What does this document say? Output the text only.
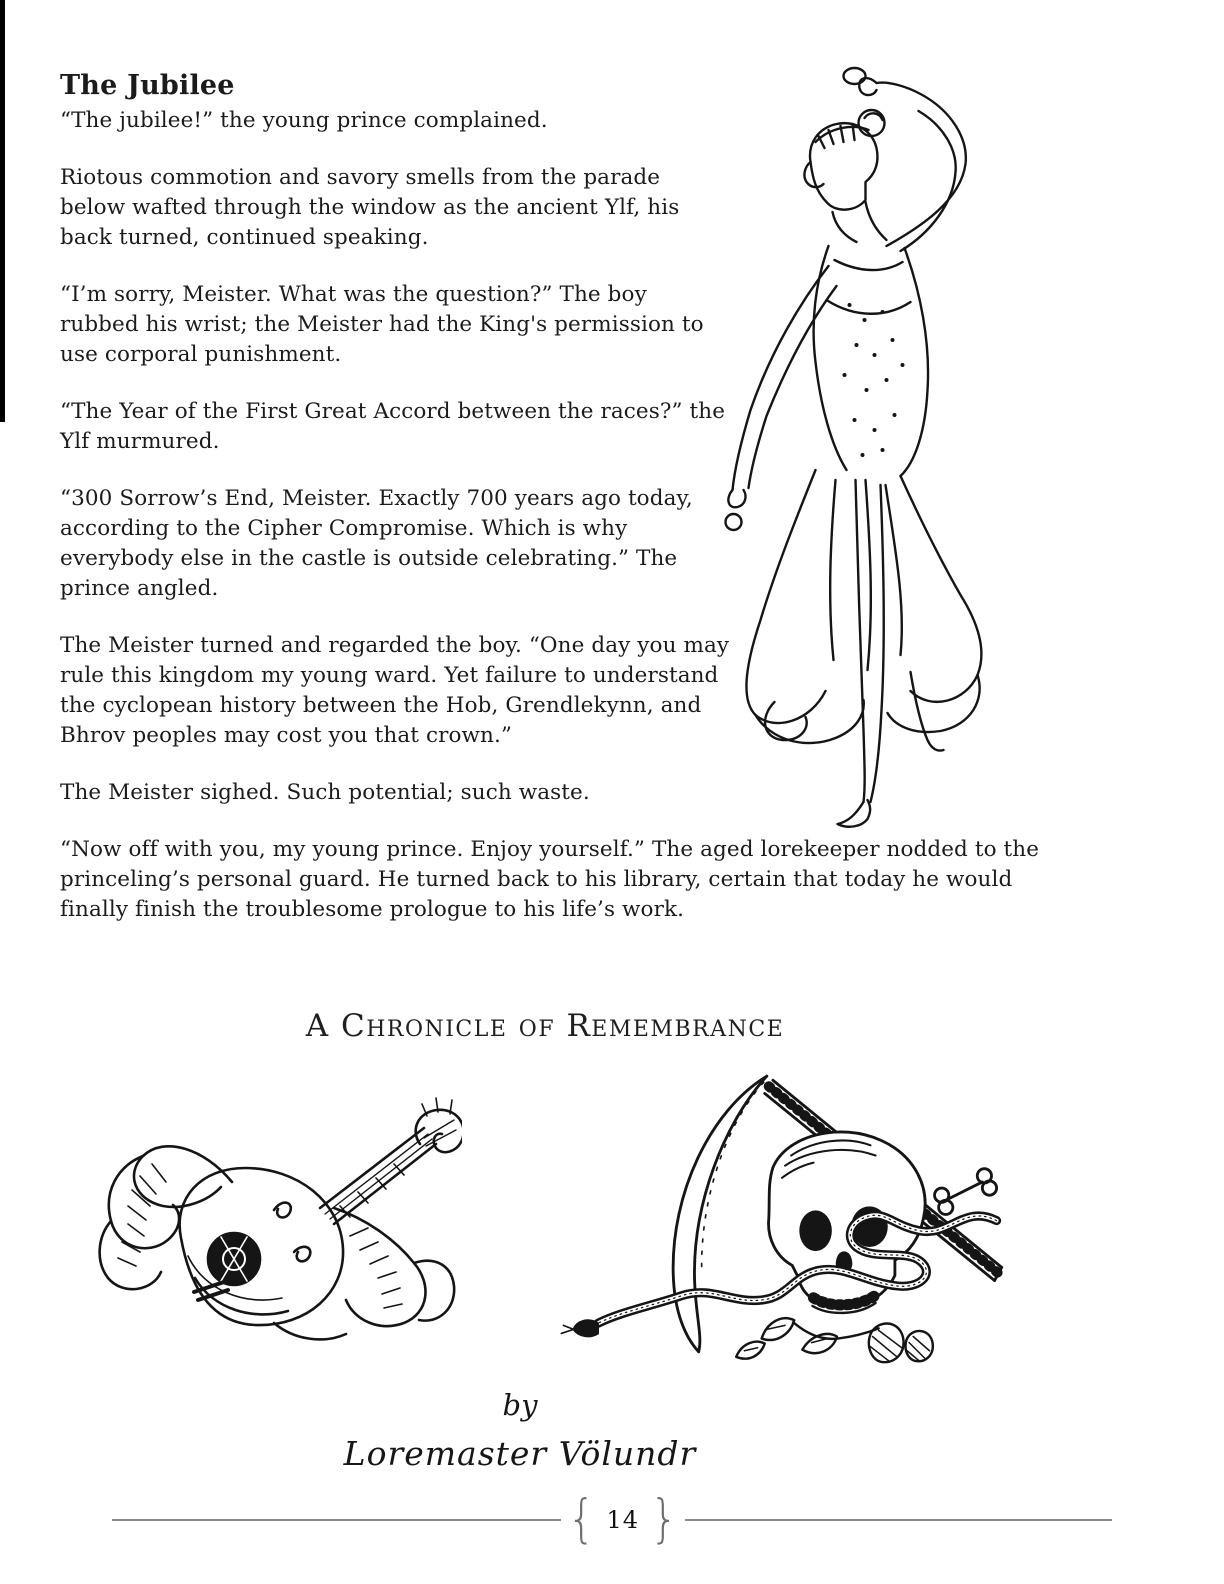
The Jubilee

“The jubilee!” the young prince complained.

Riotous commotion and savory smells from the parade below wafted through the window as the ancient Ylf, his back turned, continued speaking.

“I’m sorry, Meister. What was the question?” The boy rubbed his wrist; the Meister had the King's permission to use corporal punishment.

“The Year of the First Great Accord between the races?” the Ylf murmured.

“300 Sorrow’s End, Meister. Exactly 700 years ago today, according to the Cipher Compromise. Which is why everybody else in the castle is outside celebrating.” The prince angled.

The Meister turned and regarded the boy. “One day you may rule this kingdom my young ward. Yet failure to understand the cyclopean history between the Hob, Grendlekynn, and Bhrov peoples may cost you that crown.”

The Meister sighed. Such potential; such waste.

“Now off with you, my young prince. Enjoy yourself.” The aged lorekeeper nodded to the princeling’s personal guard. He turned back to his library, certain that today he would finally finish the troublesome prologue to his life’s work.

A Chronicle of Remembrance
by
Loremaster Völundr
{ 14 }
